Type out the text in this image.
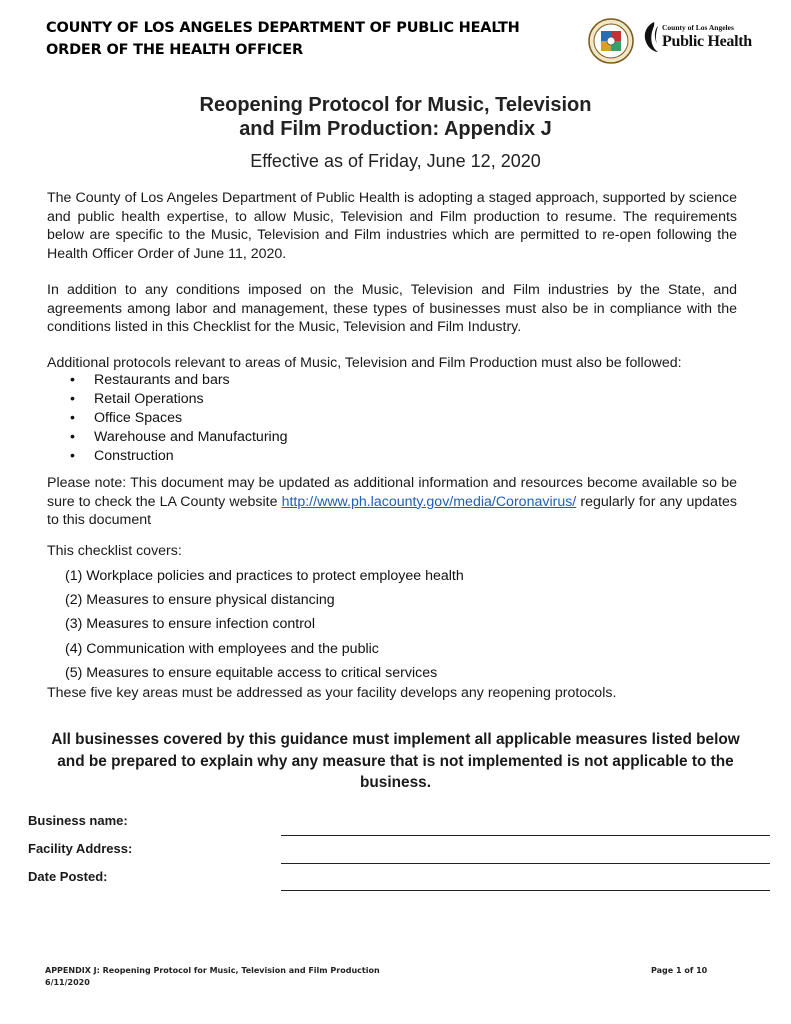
COUNTY OF LOS ANGELES DEPARTMENT OF PUBLIC HEALTH
ORDER OF THE HEALTH OFFICER
County of Los Angeles
Public Health
Reopening Protocol for Music, Television
and Film Production: Appendix J
Effective as of Friday, June 12, 2020
The County of Los Angeles Department of Public Health is adopting a staged approach, supported by science and public health expertise, to allow Music, Television and Film production to resume. The requirements below are specific to the Music, Television and Film industries which are permitted to re-open following the Health Officer Order of June 11, 2020.
In addition to any conditions imposed on the Music, Television and Film industries by the State, and agreements among labor and management, these types of businesses must also be in compliance with the conditions listed in this Checklist for the Music, Television and Film Industry.
Additional protocols relevant to areas of Music, Television and Film Production must also be followed:
• Restaurants and bars
• Retail Operations
• Office Spaces
• Warehouse and Manufacturing
• Construction
Please note: This document may be updated as additional information and resources become available so be sure to check the LA County website http://www.ph.lacounty.gov/media/Coronavirus/ regularly for any updates to this document
This checklist covers:
(1) Workplace policies and practices to protect employee health
(2) Measures to ensure physical distancing
(3) Measures to ensure infection control
(4) Communication with employees and the public
(5) Measures to ensure equitable access to critical services
These five key areas must be addressed as your facility develops any reopening protocols.
All businesses covered by this guidance must implement all applicable measures listed below and be prepared to explain why any measure that is not implemented is not applicable to the business.
Business name:
Facility Address:
Date Posted:
APPENDIX J: Reopening Protocol for Music, Television and Film Production
6/11/2020
Page 1 of 10
